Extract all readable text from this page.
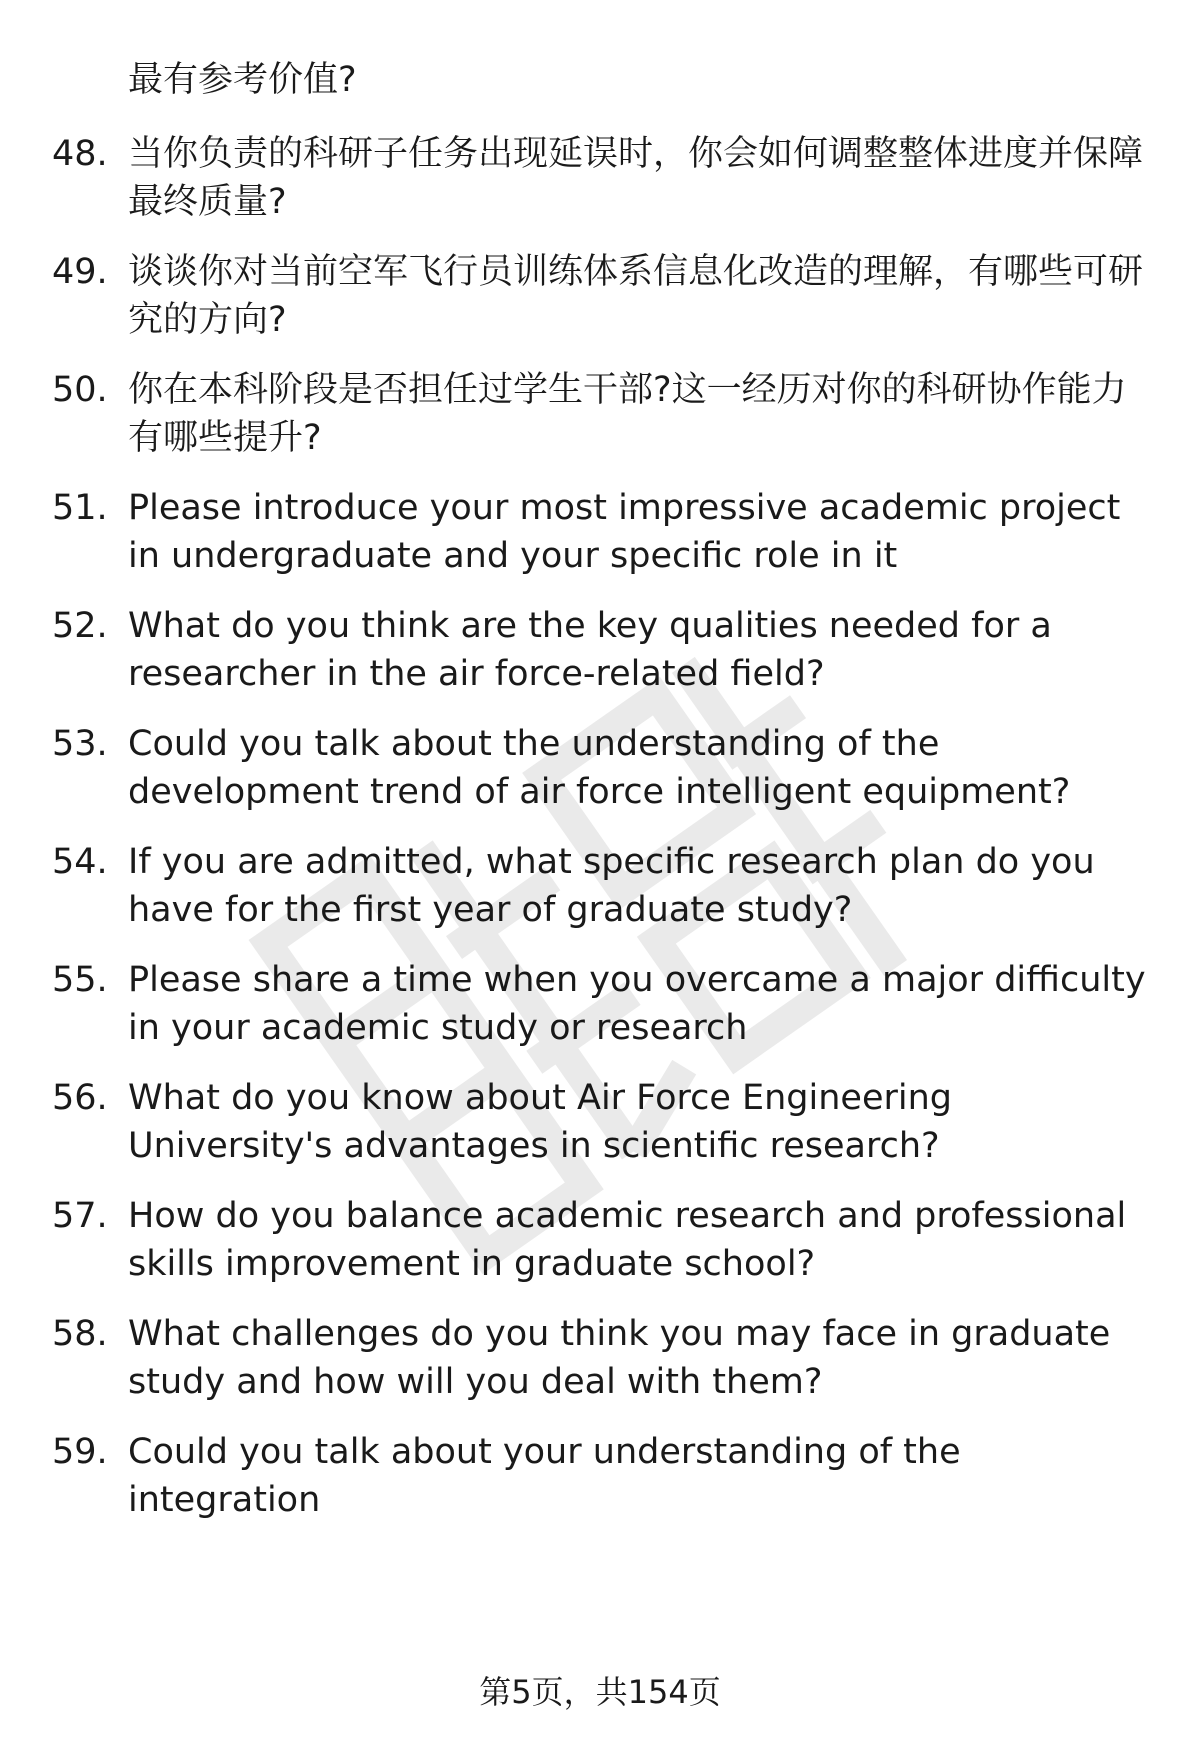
最有参考价值?
48. 当你负责的科研子任务出现延误时，你会如何调整整体进度并保障最终质量?
49. 谈谈你对当前空军飞行员训练体系信息化改造的理解，有哪些可研究的方向?
50. 你在本科阶段是否担任过学生干部?这一经历对你的科研协作能力有哪些提升?
51. Please introduce your most impressive academic project in undergraduate and your specific role in it
52. What do you think are the key qualities needed for a researcher in the air force-related field?
53. Could you talk about the understanding of the development trend of air force intelligent equipment?
54. If you are admitted, what specific research plan do you have for the first year of graduate study?
55. Please share a time when you overcame a major difficulty in your academic study or research
56. What do you know about Air Force Engineering University's advantages in scientific research?
57. How do you balance academic research and professional skills improvement in graduate school?
58. What challenges do you think you may face in graduate study and how will you deal with them?
59. Could you talk about your understanding of the integration
第5页，共154页
